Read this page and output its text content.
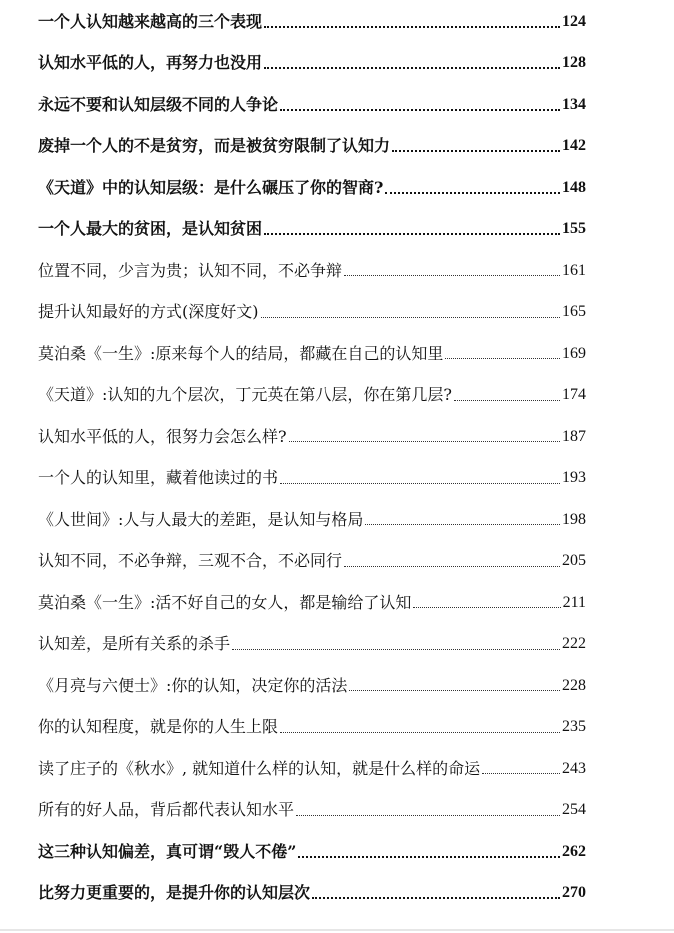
一个人认知越来越高的三个表现	124
认知水平低的人，再努力也没用	128
永远不要和认知层级不同的人争论	134
废掉一个人的不是贫穷，而是被贫穷限制了认知力	142
《天道》中的认知层级：是什么碾压了你的智商?	148
一个人最大的贫困，是认知贫困	155
位置不同，少言为贵；认知不同，不必争辩	161
提升认知最好的方式(深度好文)	165
莫泊桑《一生》:原来每个人的结局，都藏在自己的认知里	169
《天道》:认知的九个层次，丁元英在第八层，你在第几层?	174
认知水平低的人，很努力会怎么样?	187
一个人的认知里，藏着他读过的书	193
《人世间》:人与人最大的差距，是认知与格局	198
认知不同，不必争辩，三观不合，不必同行	205
莫泊桑《一生》:活不好自己的女人，都是输给了认知	211
认知差，是所有关系的杀手	222
《月亮与六便士》:你的认知，决定你的活法	228
你的认知程度，就是你的人生上限	235
读了庄子的《秋水》, 就知道什么样的认知，就是什么样的命运	243
所有的好人品，背后都代表认知水平	254
这三种认知偏差，真可谓“毁人不倦”	262
比努力更重要的，是提升你的认知层次	270
